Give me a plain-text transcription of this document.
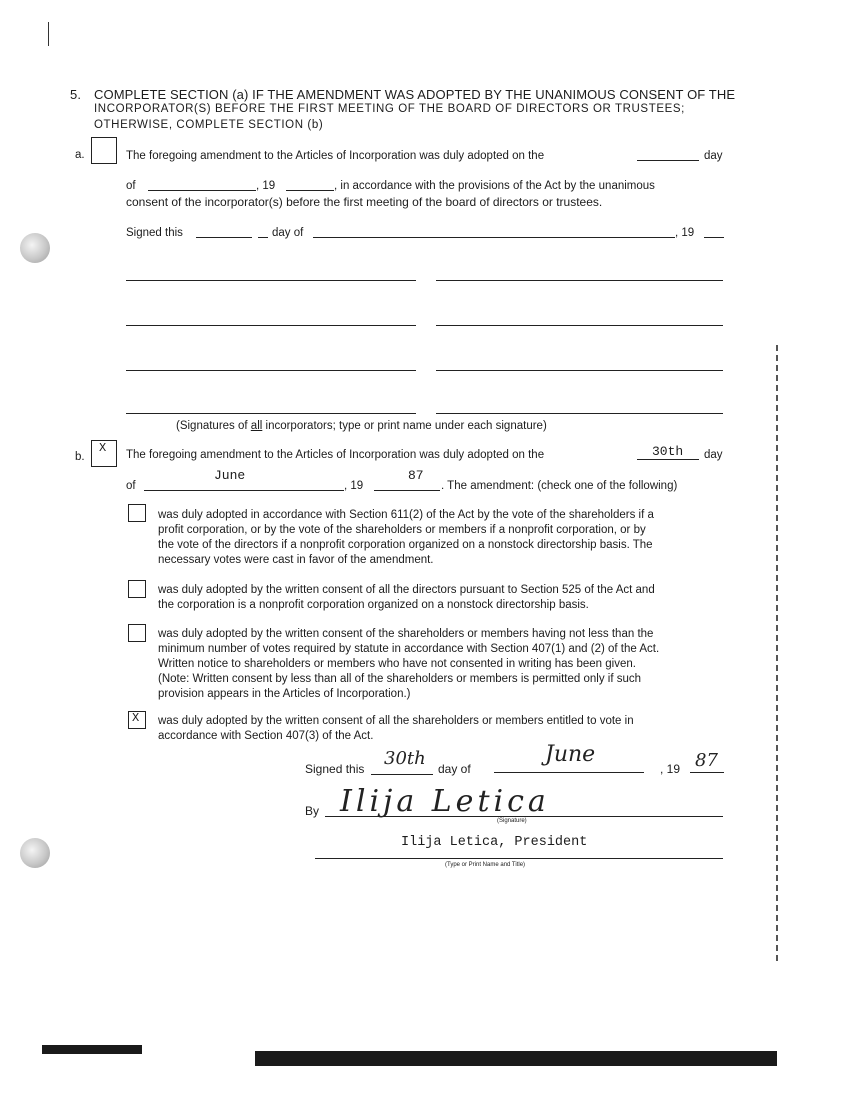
5. COMPLETE SECTION (a) IF THE AMENDMENT WAS ADOPTED BY THE UNANIMOUS CONSENT OF THE
INCORPORATOR(S) BEFORE THE FIRST MEETING OF THE BOARD OF DIRECTORS OR TRUSTEES;
OTHERWISE, COMPLETE SECTION (b)
a.	The foregoing amendment to the Articles of Incorporation was duly adopted on the	day
of	, 19	, in accordance with the provisions of the Act by the unanimous
consent of the incorporator(s) before the first meeting of the board of directors or trustees.
Signed this	day of	, 19
(Signatures of all incorporators; type or print name under each signature)
b.
X The foregoing amendment to the Articles of Incorporation was duly adopted on the	30th day
of
June
, 19
87
. The amendment: (check one of the following)
was duly adopted in accordance with Section 611(2) of the Act by the vote of the shareholders if a
profit corporation, or by the vote of the shareholders or members if a nonprofit corporation, or by
the vote of the directors if a nonprofit corporation organized on a nonstock directorship basis. The
necessary votes were cast in favor of the amendment.
was duly adopted by the written consent of all the directors pursuant to Section 525 of the Act and
the corporation is a nonprofit corporation organized on a nonstock directorship basis.
was duly adopted by the written consent of the shareholders or members having not less than the
minimum number of votes required by statute in accordance with Section 407(1) and (2) of the Act.
Written notice to shareholders or members who have not consented in writing has been given.
(Note: Written consent by less than all of the shareholders or members is permitted only if such
provision appears in the Articles of Incorporation.)
X was duly adopted by the written consent of all the shareholders or members entitled to vote in
accordance with Section 407(3) of the Act.
Signed this 30th day of
June
, 19 87
By Ilija Letica
(Signature)
Ilija Letica, President
(Type or Print Name and Title)
